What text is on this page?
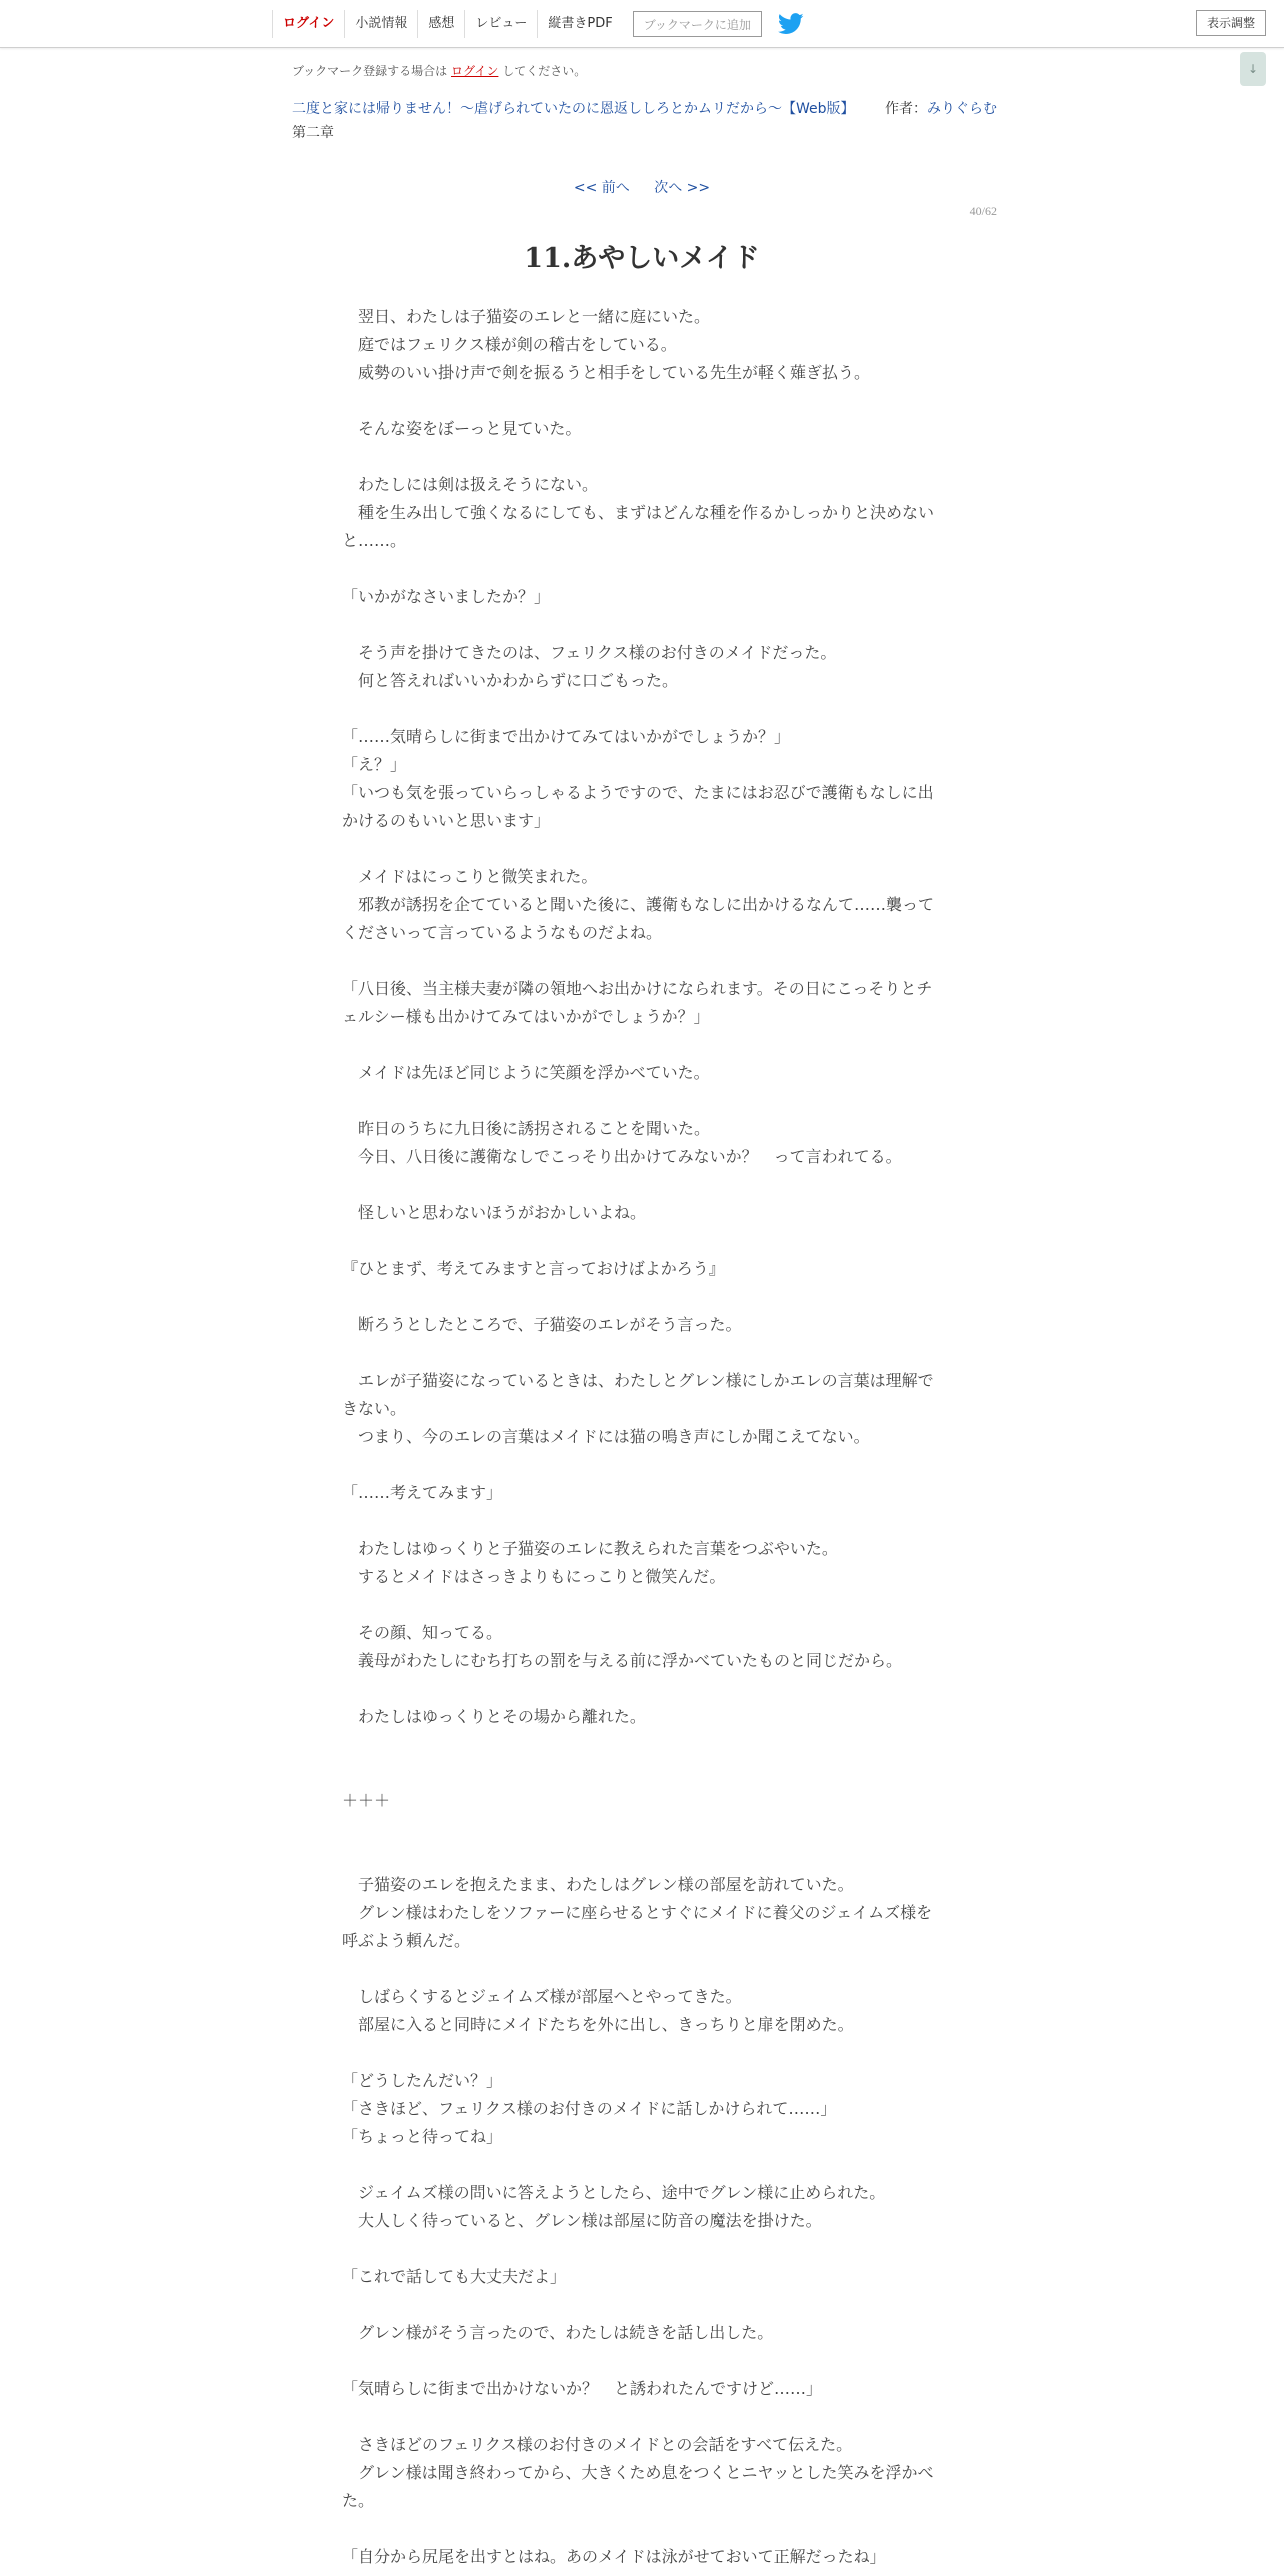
ログイン	小説情報	感想	レビュー	縦書きPDF	ブックマークに追加	表示調整
↓
ブックマーク登録する場合は ログイン してください。
二度と家には帰りません！～虐げられていたのに恩返ししろとかムリだから～【Web版】 作者：みりぐらむ
第二章
<< 前へ 次へ >>
40/62
11.あやしいメイド

　翌日、わたしは子猫姿のエレと一緒に庭にいた。

　庭ではフェリクス様が剣の稽古をしている。

　威勢のいい掛け声で剣を振るうと相手をしている先生が軽く薙ぎ払う。

　そんな姿をぼーっと見ていた。

　わたしには剣は扱えそうにない。

　種を生み出して強くなるにしても、まずはどんな種を作るかしっかりと決めないと……。

「いかがなさいましたか？」

　そう声を掛けてきたのは、フェリクス様のお付きのメイドだった。

　何と答えればいいかわからずに口ごもった。

「……気晴らしに街まで出かけてみてはいかがでしょうか？」

「え？」

「いつも気を張っていらっしゃるようですので、たまにはお忍びで護衛もなしに出かけるのもいいと思います」

　メイドはにっこりと微笑まれた。

　邪教が誘拐を企てていると聞いた後に、護衛もなしに出かけるなんて……襲ってくださいって言っているようなものだよね。

「八日後、当主様夫妻が隣の領地へお出かけになられます。その日にこっそりとチェルシー様も出かけてみてはいかがでしょうか？」

　メイドは先ほど同じように笑顔を浮かべていた。

　昨日のうちに九日後に誘拐されることを聞いた。

　今日、八日後に護衛なしでこっそり出かけてみないか？　って言われてる。

　怪しいと思わないほうがおかしいよね。

『ひとまず、考えてみますと言っておけばよかろう』

　断ろうとしたところで、子猫姿のエレがそう言った。

　エレが子猫姿になっているときは、わたしとグレン様にしかエレの言葉は理解できない。

　つまり、今のエレの言葉はメイドには猫の鳴き声にしか聞こえてない。

「……考えてみます」

　わたしはゆっくりと子猫姿のエレに教えられた言葉をつぶやいた。

　するとメイドはさっきよりもにっこりと微笑んだ。

　その顔、知ってる。

　義母がわたしにむち打ちの罰を与える前に浮かべていたものと同じだから。

　わたしはゆっくりとその場から離れた。

＋＋＋

　子猫姿のエレを抱えたまま、わたしはグレン様の部屋を訪れていた。

　グレン様はわたしをソファーに座らせるとすぐにメイドに養父のジェイムズ様を呼ぶよう頼んだ。

　しばらくするとジェイムズ様が部屋へとやってきた。

　部屋に入ると同時にメイドたちを外に出し、きっちりと扉を閉めた。

「どうしたんだい？」

「さきほど、フェリクス様のお付きのメイドに話しかけられて……」

「ちょっと待ってね」

　ジェイムズ様の問いに答えようとしたら、途中でグレン様に止められた。

　大人しく待っていると、グレン様は部屋に防音の魔法を掛けた。

「これで話しても大丈夫だよ」

　グレン様がそう言ったので、わたしは続きを話し出した。

「気晴らしに街まで出かけないか？　と誘われたんですけど……」

　さきほどのフェリクス様のお付きのメイドとの会話をすべて伝えた。

　グレン様は聞き終わってから、大きくため息をつくとニヤッとした笑みを浮かべた。

「自分から尻尾を出すとはね。あのメイドは泳がせておいて正解だったね」
